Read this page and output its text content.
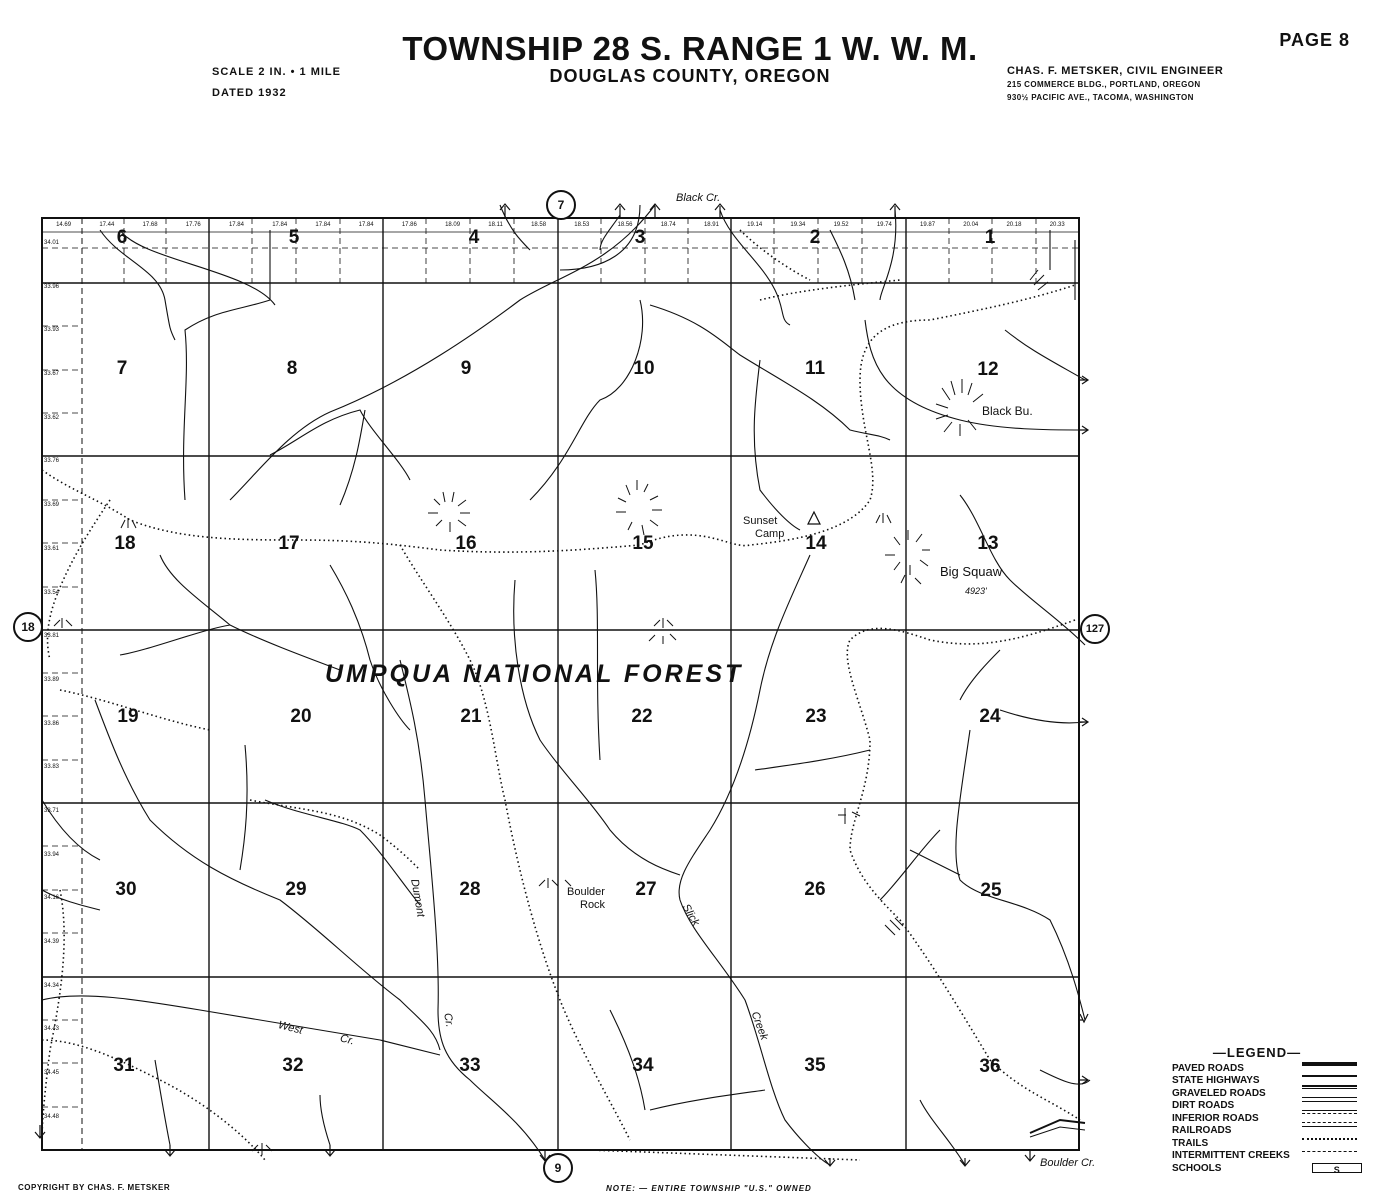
TOWNSHIP 28 S. RANGE 1 W. W. M.
DOUGLAS COUNTY, OREGON
PAGE 8
SCALE 2 IN. • 1 MILE
DATED 1932
CHAS. F. METSKER, CIVIL ENGINEER
215 COMMERCE BLDG., PORTLAND, OREGON
930½ PACIFIC AVE., TACOMA, WASHINGTON
14.69	17.44	17.68	17.76	17.84	17.84	17.84	17.84	17.86	18.09	18.11	18.58	18.53	18.56	18.74	18.91	19.14	19.34	19.52	19.74	19.87	20.04	20.18	20.33
34.01
33.96
33.93
33.67
33.62
33.76
33.69
33.61
33.54
33.81
33.89
33.86
33.83
33.71
33.94
34.16
34.39
34.34
34.43
34.45
34.48
6	5	4	3	2	1
7	8	9	10	11	12
18	17	16	15	14	13
19	20	21	22	23	24
30	29	28	27	26	25
31	32	33	34	35	36
UMPQUA NATIONAL FOREST
Black Cr.
Black Bu.
Sunset
Camp
Big Squaw
4923'
Boulder
Rock
Dumont
Cr.
Slick
Creek
West
Cr.
Boulder Cr.
7
18	127
9
—LEGEND—
PAVED ROADS
STATE HIGHWAYS
GRAVELED ROADS
DIRT ROADS
INFERIOR ROADS
RAILROADS
TRAILS
INTERMITTENT CREEKS
SCHOOLS	S
COPYRIGHT BY CHAS. F. METSKER	NOTE: — ENTIRE TOWNSHIP "U.S." OWNED
